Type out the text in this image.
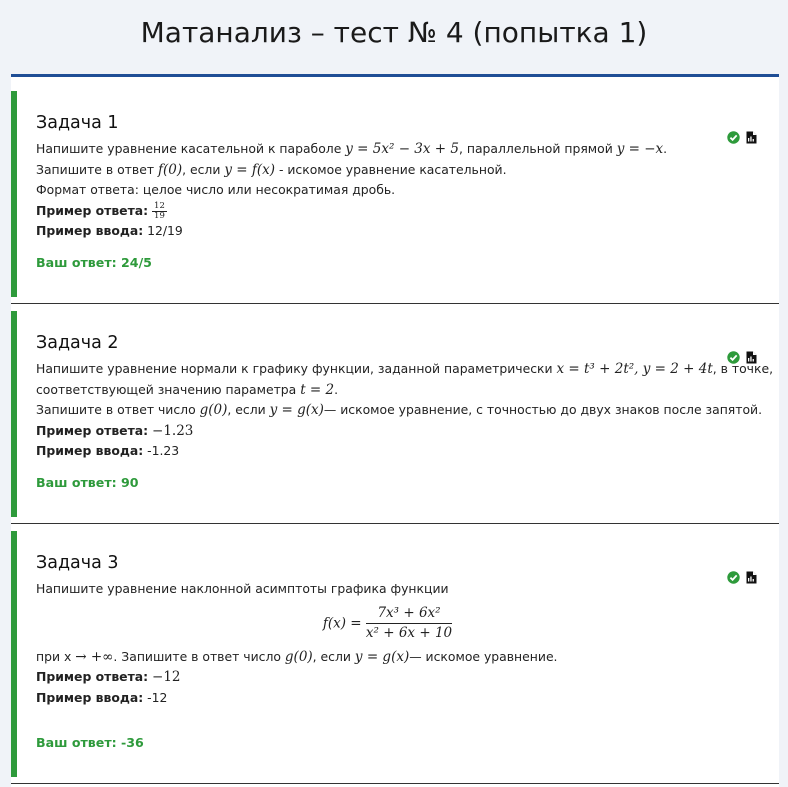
Матанализ – тест № 4 (попытка 1)
Задача 1
Напишите уравнение касательной к параболе y = 5x² − 3x + 5, параллельной прямой y = −x.
Запишите в ответ f(0), если y = f(x) - искомое уравнение касательной.
Формат ответа: целое число или несократимая дробь.
Пример ответа: $\frac{12}{19}$
Пример ввода: 12/19
Ваш ответ: 24/5
Задача 2
Напишите уравнение нормали к графику функции, заданной параметрически x = t³ + 2t², y = 2 + 4t, в точке,
соответствующей значению параметра t = 2.
Запишите в ответ число g(0), если y = g(x)— искомое уравнение, с точностью до двух знаков после запятой.
Пример ответа: −1.23
Пример ввода: -1.23
Ваш ответ: 90
Задача 3
Напишите уравнение наклонной асимптоты графика функции
$f(x) = \frac{\text{7x³ + 6x²}}{\text{x² + 6x + 10}}$
при x → +∞. Запишите в ответ число g(0), если y = g(x)— искомое уравнение.
Пример ответа: −12
Пример ввода: -12
Ваш ответ: -36
